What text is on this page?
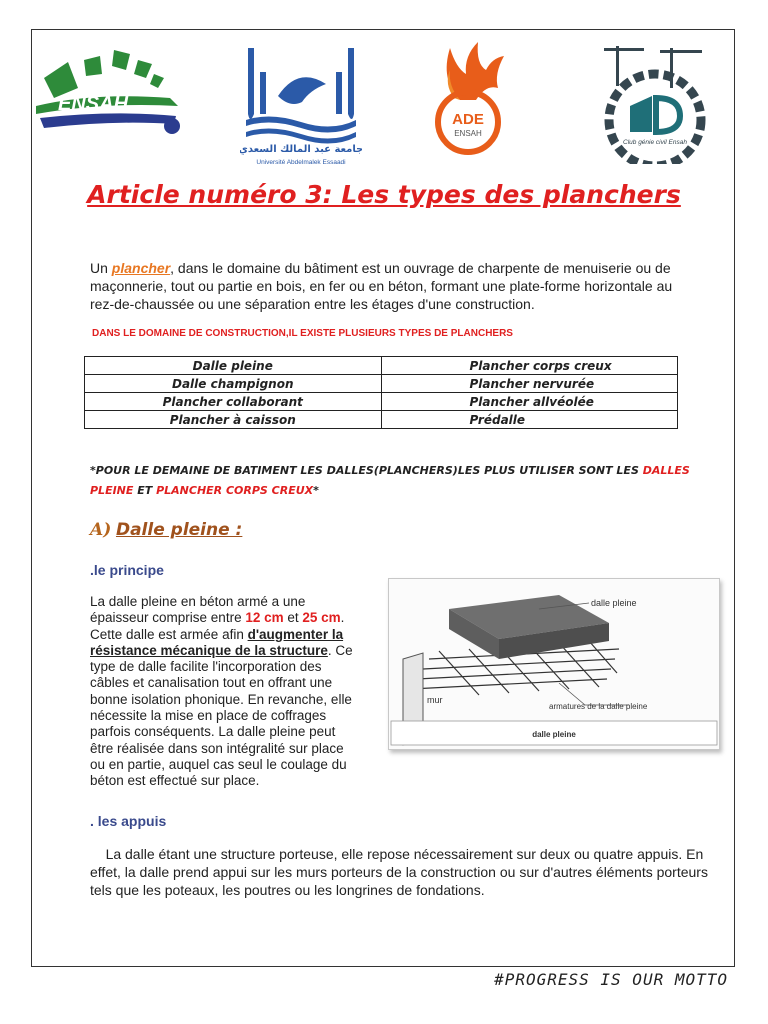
ENSAH
جامعة عبد المالك السعدي
Université Abdelmalek Essaadi
ADE
ENSAH
Club génie civil Ensah
Article numéro 3: Les types des planchers
Un plancher, dans le domaine du bâtiment est un ouvrage de charpente de menuiserie ou de maçonnerie, tout ou partie en bois, en fer ou en béton, formant une plate-forme horizontale au rez-de-chaussée ou une séparation entre les étages d'une construction.
DANS LE DOMAINE DE CONSTRUCTION,IL EXISTE PLUSIEURS TYPES DE PLANCHERS
Dalle pleine	Plancher corps creux
Dalle champignon	Plancher nervurée
Plancher collaborant	Plancher allvéolée
Plancher à caisson	Prédalle
*POUR LE DEMAINE DE BATIMENT LES DALLES(PLANCHERS)LES PLUS UTILISER SONT LES DALLES PLEINE ET PLANCHER CORPS CREUX*
A) Dalle pleine :
.le principe
La dalle pleine en béton armé a une épaisseur comprise entre 12 cm et 25 cm. Cette dalle est armée afin d'augmenter la résistance mécanique de la structure. Ce type de dalle facilite l'incorporation des câbles et canalisation tout en offrant une bonne isolation phonique. En revanche, elle nécessite la mise en place de coffrages parfois conséquents. La dalle pleine peut être réalisée dans son intégralité sur place ou en partie, auquel cas seul le coulage du béton est effectué sur place.
dalle pleine
mur
armatures de la dalle pleine
dalle pleine
. les appuis
La dalle étant une structure porteuse, elle repose nécessairement sur deux ou quatre appuis. En effet, la dalle prend appui sur les murs porteurs de la construction ou sur d'autres éléments porteurs tels que les poteaux, les poutres ou les longrines de fondations.
#PROGRESS IS OUR MOTTO
